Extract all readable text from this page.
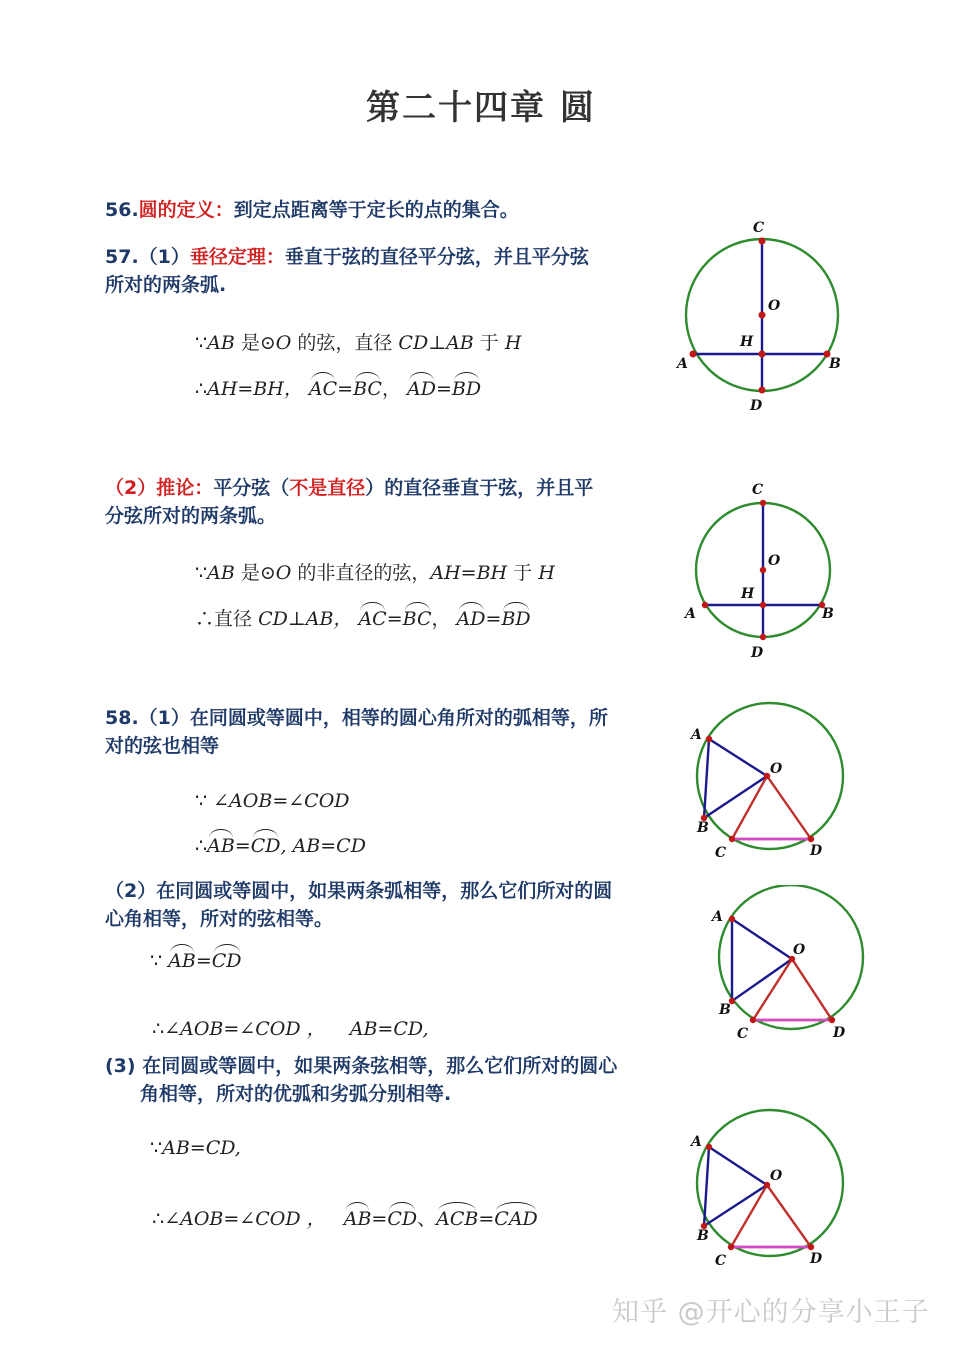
第二十四章 圆
56.圆的定义：到定点距离等于定长的点的集合。
57.（1）垂径定理：垂直于弦的直径平分弦，并且平分弦
所对的两条弧.
∵AB 是⊙O 的弦，直径 CD⊥AB 于 H
∴AH=BH， AC=BC， AD=BD
C
O
H
A	B
D
（2）推论：平分弦（不是直径）的直径垂直于弦，并且平
分弦所对的两条弧。
∵AB 是⊙O 的非直径的弦，AH=BH 于 H
∴直径 CD⊥AB， AC=BC， AD=BD
C
O
H
A	B
D
58.（1）在同圆或等圆中，相等的圆心角所对的弧相等，所
对的弦也相等
∵ ∠AOB=∠COD
∴AB=CD, AB=CD
A
O
B
C	D
（2）在同圆或等圆中，如果两条弧相等，那么它们所对的圆
心角相等，所对的弦相等。
∵ AB=CD

∴∠AOB=∠COD ，    AB=CD,

A
O
B
C	D
(3) 在同圆或等圆中，如果两条弦相等，那么它们所对的圆心
角相等，所对的优弧和劣弧分别相等.
∵AB=CD,

∴∠AOB=∠COD ，   AB=CD、ACB=CAD

A
O
B
C	D
知乎 @开心的分享小王子
